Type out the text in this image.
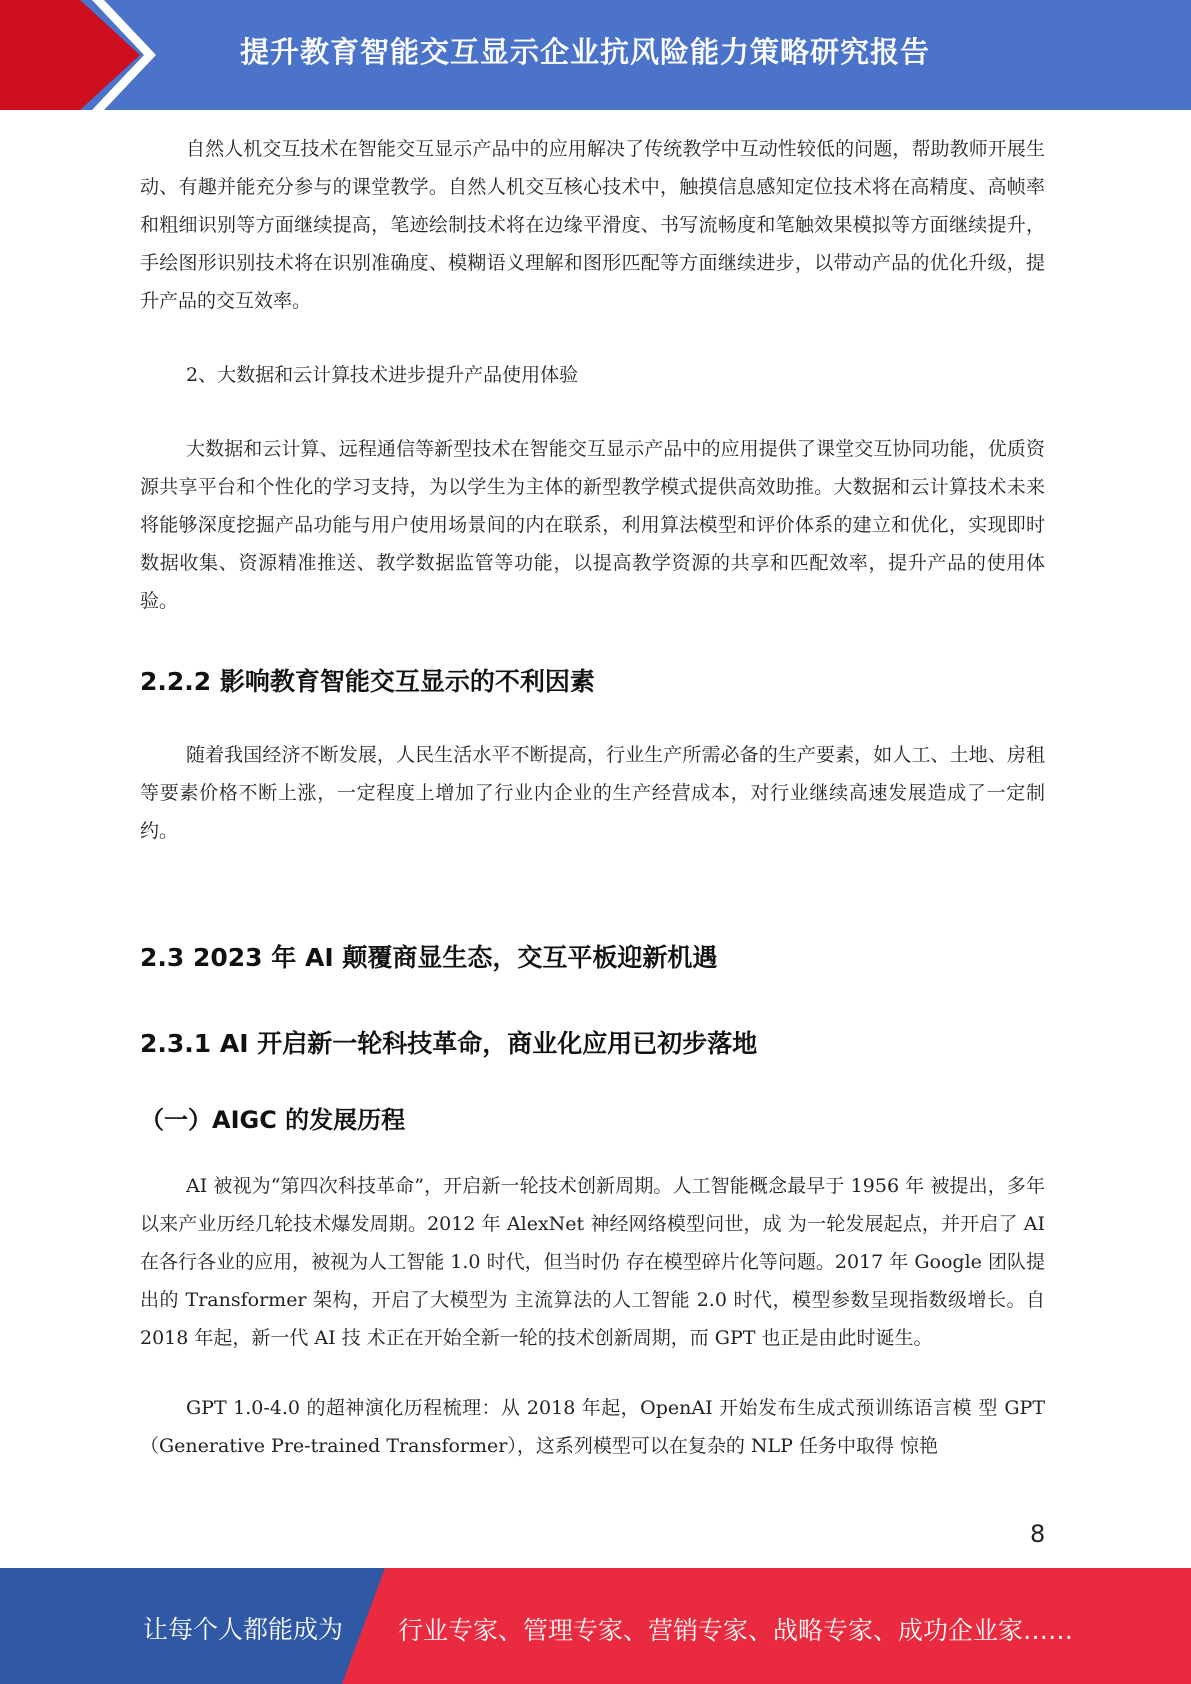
提升教育智能交互显示企业抗风险能力策略研究报告

自然人机交互技术在智能交互显示产品中的应用解决了传统教学中互动性较低的问题，帮助教师开展生动、有趣并能充分参与的课堂教学。自然人机交互核心技术中，触摸信息感知定位技术将在高精度、高帧率和粗细识别等方面继续提高，笔迹绘制技术将在边缘平滑度、书写流畅度和笔触效果模拟等方面继续提升，手绘图形识别技术将在识别准确度、模糊语义理解和图形匹配等方面继续进步，以带动产品的优化升级，提升产品的交互效率。

2、大数据和云计算技术进步提升产品使用体验

大数据和云计算、远程通信等新型技术在智能交互显示产品中的应用提供了课堂交互协同功能，优质资源共享平台和个性化的学习支持，为以学生为主体的新型教学模式提供高效助推。大数据和云计算技术未来将能够深度挖掘产品功能与用户使用场景间的内在联系，利用算法模型和评价体系的建立和优化，实现即时数据收集、资源精准推送、教学数据监管等功能，以提高教学资源的共享和匹配效率，提升产品的使用体验。

2.2.2 影响教育智能交互显示的不利因素

随着我国经济不断发展，人民生活水平不断提高，行业生产所需必备的生产要素，如人工、土地、房租等要素价格不断上涨，一定程度上增加了行业内企业的生产经营成本，对行业继续高速发展造成了一定制约。

2.3 2023 年 AI 颠覆商显生态，交互平板迎新机遇
2.3.1 AI 开启新一轮科技革命，商业化应用已初步落地
（一）AIGC 的发展历程

AI 被视为“第四次科技革命”，开启新一轮技术创新周期。人工智能概念最早于 1956 年 被提出，多年以来产业历经几轮技术爆发周期。2012 年 AlexNet 神经网络模型问世，成 为一轮发展起点，并开启了 AI 在各行各业的应用，被视为人工智能 1.0 时代，但当时仍 存在模型碎片化等问题。2017 年 Google 团队提出的 Transformer 架构，开启了大模型为 主流算法的人工智能 2.0 时代，模型参数呈现指数级增长。自 2018 年起，新一代 AI 技 术正在开始全新一轮的技术创新周期，而 GPT 也正是由此时诞生。

GPT 1.0-4.0 的超神演化历程梳理：从 2018 年起，OpenAI 开始发布生成式预训练语言模 型 GPT（Generative Pre-trained Transformer），这系列模型可以在复杂的 NLP 任务中取得 惊艳

8
让每个人都能成为 行业专家、管理专家、营销专家、战略专家、成功企业家……
